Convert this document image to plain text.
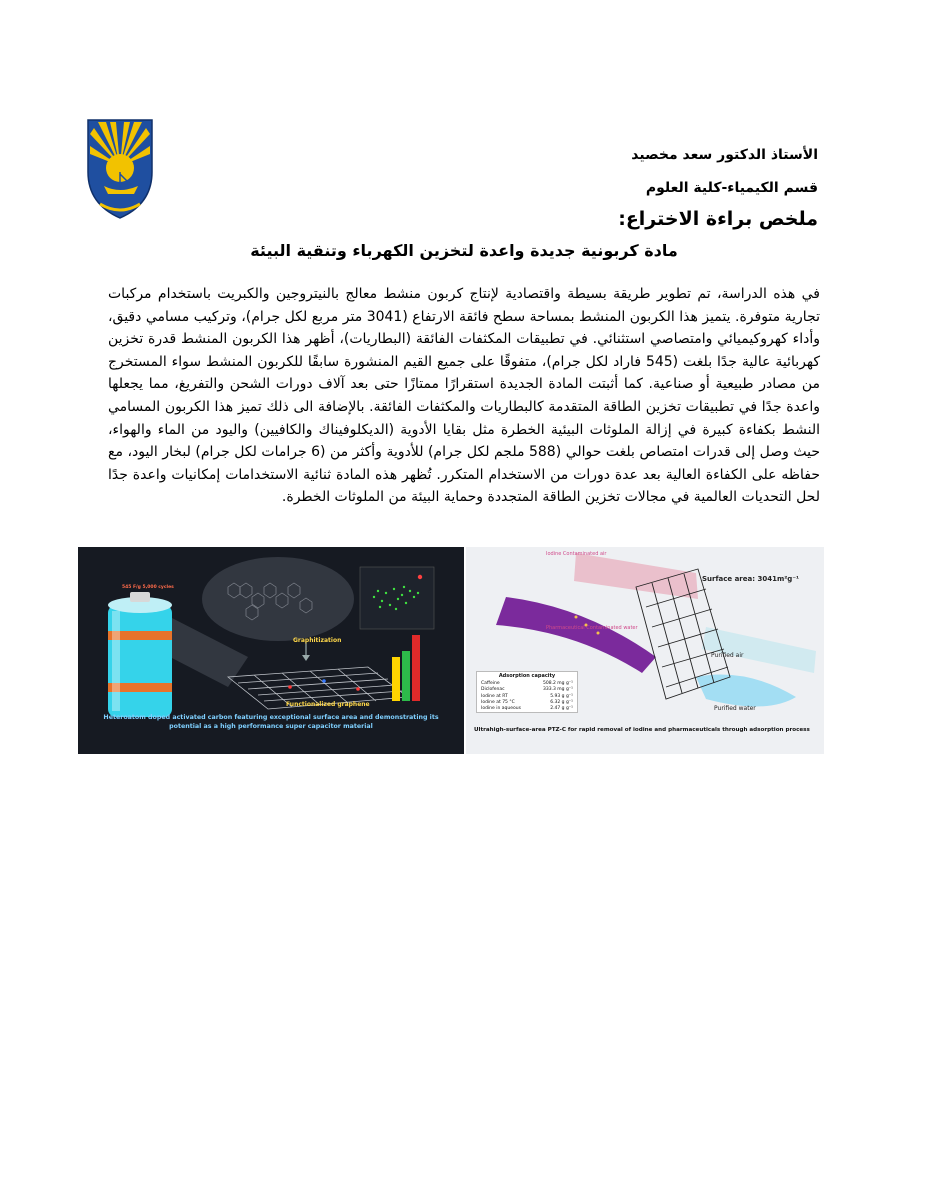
الأستاذ الدكتور سعد مخصيد
قسم الكيمياء-كلية العلوم
ملخص براءة الاختراع:
مادة كربونية جديدة واعدة لتخزين الكهرباء وتنقية البيئة
في هذه الدراسة، تم تطوير طريقة بسيطة واقتصادية لإنتاج كربون منشط معالج بالنيتروجين والكبريت باستخدام مركبات تجارية متوفرة. يتميز هذا الكربون المنشط بمساحة سطح فائقة الارتفاع (3041 متر مربع لكل جرام)، وتركيب مسامي دقيق، وأداء كهروكيميائي وامتصاصي استثنائي. في تطبيقات المكثفات الفائقة (البطاريات)، أظهر هذا الكربون المنشط قدرة تخزين كهربائية عالية جدًا بلغت (545 فاراد لكل جرام)، متفوقًا على جميع القيم المنشورة سابقًا للكربون المنشط سواء المستخرج من مصادر طبيعية أو صناعية. كما أثبتت المادة الجديدة استقرارًا ممتازًا حتى بعد آلاف دورات الشحن والتفريغ، مما يجعلها واعدة جدًا في تطبيقات تخزين الطاقة المتقدمة كالبطاريات والمكثفات الفائقة. بالإضافة الى ذلك تميز هذا الكربون المسامي النشط بكفاءة كبيرة في إزالة الملوثات البيئية الخطرة مثل بقايا الأدوية (الديكلوفيناك والكافيين) واليود من الماء والهواء، حيث وصل إلى قدرات امتصاص بلغت حوالي (588 ملجم لكل جرام) للأدوية وأكثر من (6 جرامات لكل جرام) لبخار اليود، مع حفاظه على الكفاءة العالية بعد عدة دورات من الاستخدام المتكرر. تُظهر هذه المادة ثنائية الاستخدامات إمكانيات واعدة جدًا لحل التحديات العالمية في مجالات تخزين الطاقة المتجددة وحماية البيئة من الملوثات الخطرة.
545 F/g 5,000 cycles
Graphitization
Functionalized graphene
Heteroatom doped activated carbon featuring exceptional surface area and demonstrating its potential as a high performance super capacitor material
Iodine Contaminated air
Pharmaceutical Contaminated water
Surface area: 3041m²g⁻¹
Purified air
Purified water
Adsorption capacity
Caffeine	508.2 mg g⁻¹
Diclofenac	333.3 mg g⁻¹
Iodine at RT	5.93 g g⁻¹
Iodine at 75 °C	6.32 g g⁻¹
Iodine in aqueous	2.47 g g⁻¹
Ultrahigh-surface-area PTZ-C for rapid removal of iodine and pharmaceuticals through adsorption process
